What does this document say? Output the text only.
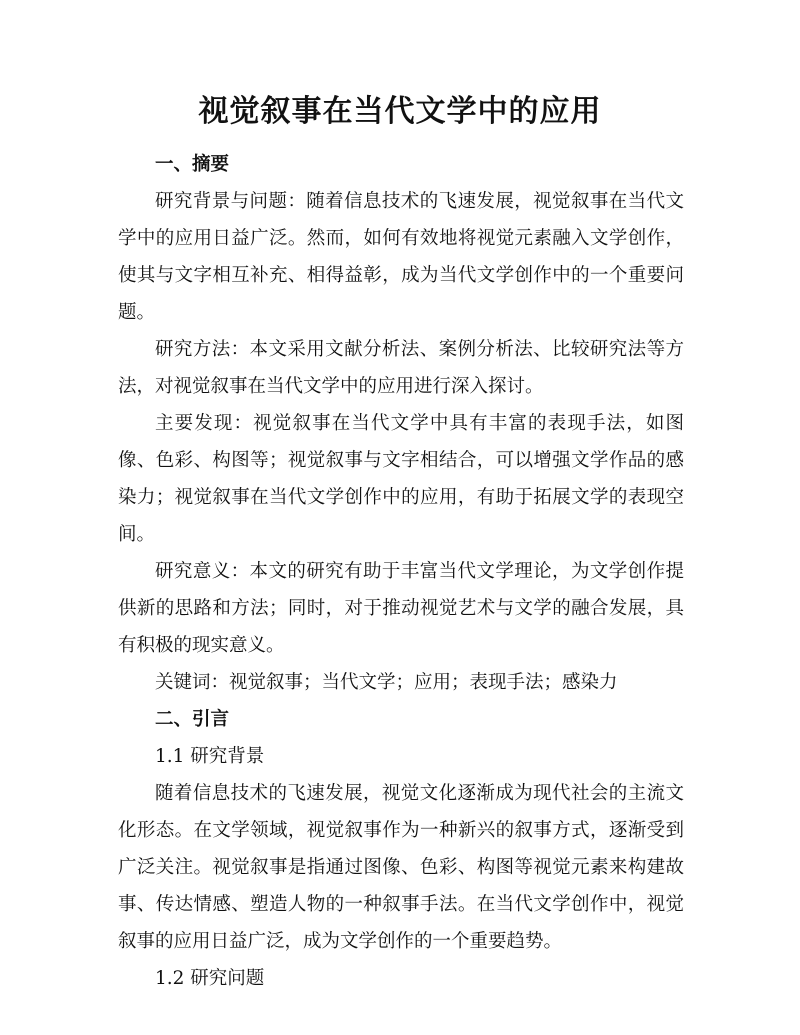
视觉叙事在当代文学中的应用

一、摘要

研究背景与问题：随着信息技术的飞速发展，视觉叙事在当代文学中的应用日益广泛。然而，如何有效地将视觉元素融入文学创作，使其与文字相互补充、相得益彰，成为当代文学创作中的一个重要问题。

研究方法：本文采用文献分析法、案例分析法、比较研究法等方法，对视觉叙事在当代文学中的应用进行深入探讨。

主要发现：视觉叙事在当代文学中具有丰富的表现手法，如图像、色彩、构图等；视觉叙事与文字相结合，可以增强文学作品的感染力；视觉叙事在当代文学创作中的应用，有助于拓展文学的表现空间。

研究意义：本文的研究有助于丰富当代文学理论，为文学创作提供新的思路和方法；同时，对于推动视觉艺术与文学的融合发展，具有积极的现实意义。

关键词：视觉叙事；当代文学；应用；表现手法；感染力

二、引言

1.1 研究背景

随着信息技术的飞速发展，视觉文化逐渐成为现代社会的主流文化形态。在文学领域，视觉叙事作为一种新兴的叙事方式，逐渐受到广泛关注。视觉叙事是指通过图像、色彩、构图等视觉元素来构建故事、传达情感、塑造人物的一种叙事手法。在当代文学创作中，视觉叙事的应用日益广泛，成为文学创作的一个重要趋势。

1.2 研究问题
